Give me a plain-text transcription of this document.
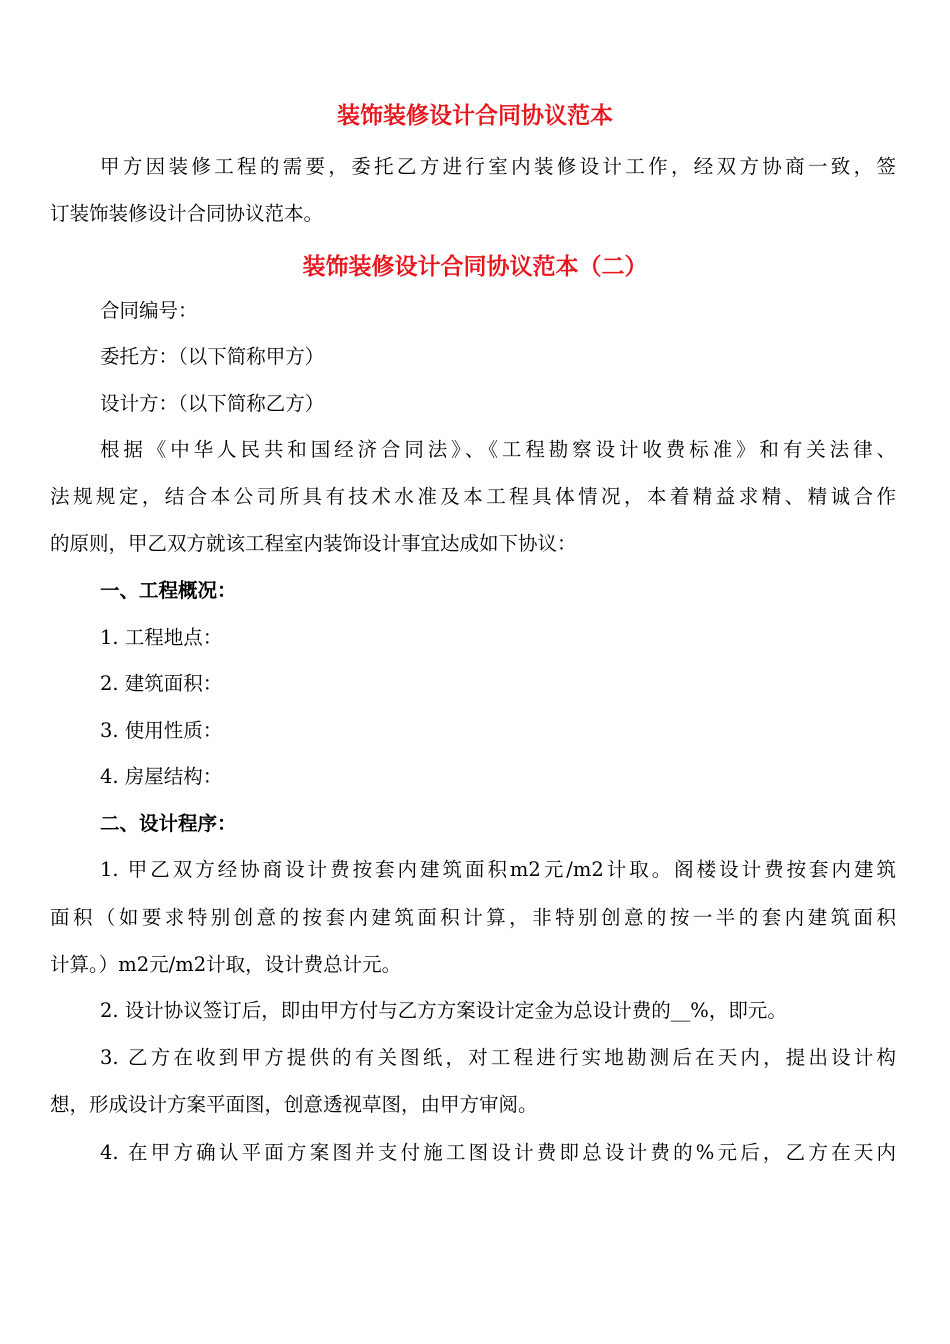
装饰装修设计合同协议范本
甲方因装修工程的需要，委托乙方进行室内装修设计工作，经双方协商一致，签
订装饰装修设计合同协议范本。
装饰装修设计合同协议范本（二）
合同编号：
委托方：（以下简称甲方）
设计方：（以下简称乙方）
根据《中华人民共和国经济合同法》、《工程勘察设计收费标准》和有关法律、
法规规定，结合本公司所具有技术水准及本工程具体情况，本着精益求精、精诚合作
的原则，甲乙双方就该工程室内装饰设计事宜达成如下协议：
一、工程概况：
1. 工程地点：
2. 建筑面积：
3. 使用性质：
4. 房屋结构：
二、设计程序：
1. 甲乙双方经协商设计费按套内建筑面积m2元/m2计取。阁楼设计费按套内建筑
面积（如要求特别创意的按套内建筑面积计算，非特别创意的按一半的套内建筑面积
计算。）m2元/m2计取，设计费总计元。
2. 设计协议签订后，即由甲方付与乙方方案设计定金为总设计费的__%，即元。
3. 乙方在收到甲方提供的有关图纸，对工程进行实地勘测后在天内，提出设计构
想，形成设计方案平面图，创意透视草图，由甲方审阅。
4. 在甲方确认平面方案图并支付施工图设计费即总设计费的%元后，乙方在天内
